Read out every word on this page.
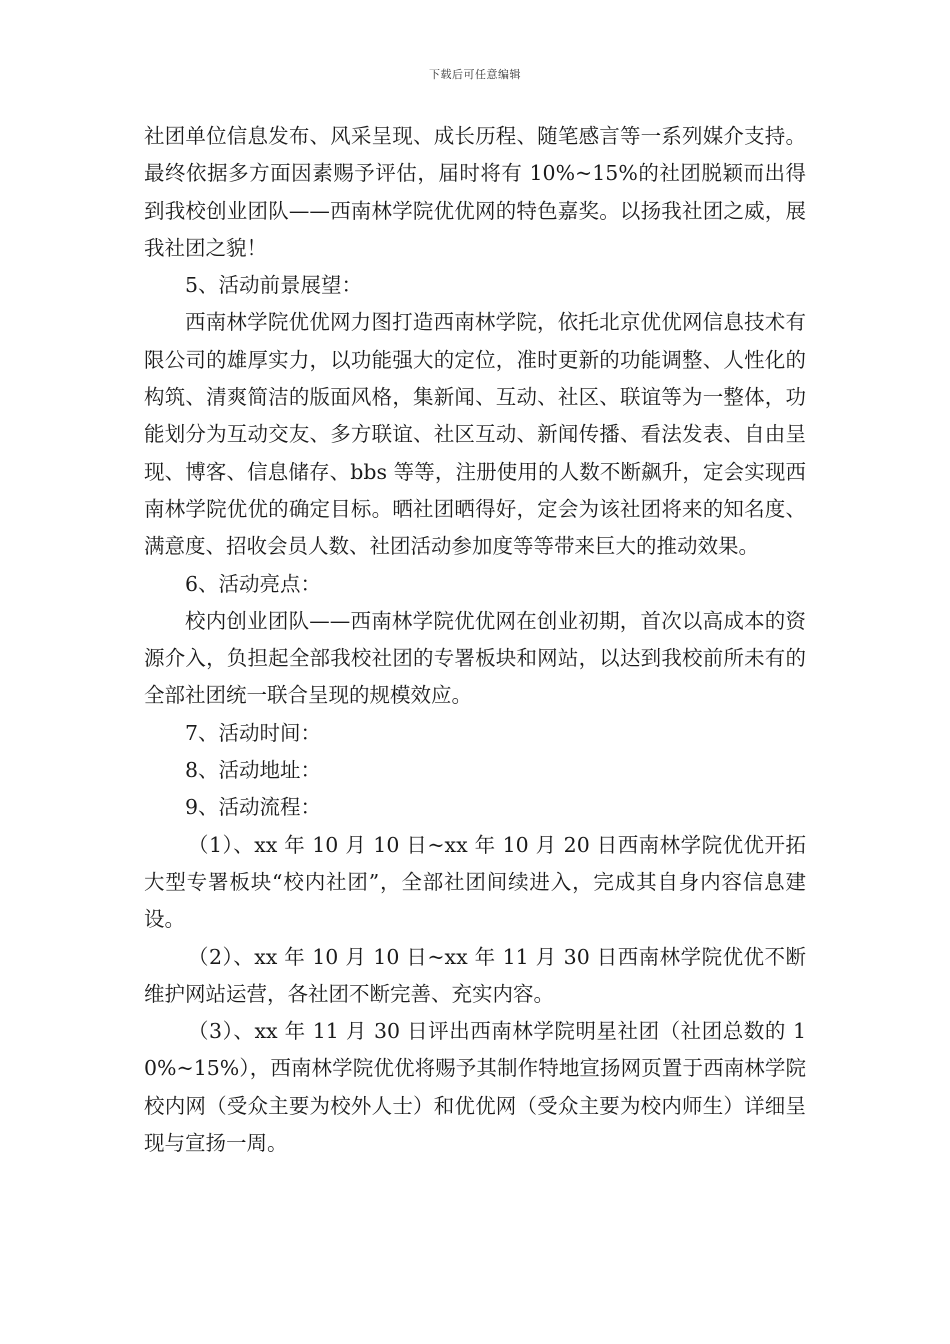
下载后可任意编辑

社团单位信息发布、风采呈现、成长历程、随笔感言等一系列媒介支持。最终依据多方面因素赐予评估，届时将有 10%~15%的社团脱颖而出得到我校创业团队——西南林学院优优网的特色嘉奖。以扬我社团之威，展我社团之貌！

5、活动前景展望：

西南林学院优优网力图打造西南林学院，依托北京优优网信息技术有限公司的雄厚实力，以功能强大的定位，准时更新的功能调整、人性化的构筑、清爽简洁的版面风格，集新闻、互动、社区、联谊等为一整体，功能划分为互动交友、多方联谊、社区互动、新闻传播、看法发表、自由呈现、博客、信息储存、bbs 等等，注册使用的人数不断飙升，定会实现西南林学院优优的确定目标。晒社团晒得好，定会为该社团将来的知名度、满意度、招收会员人数、社团活动参加度等等带来巨大的推动效果。

6、活动亮点：

校内创业团队——西南林学院优优网在创业初期，首次以高成本的资源介入，负担起全部我校社团的专署板块和网站，以达到我校前所未有的全部社团统一联合呈现的规模效应。

7、活动时间：

8、活动地址：

9、活动流程：

（1）、xx 年 10 月 10 日~xx 年 10 月 20 日西南林学院优优开拓大型专署板块“校内社团”，全部社团间续进入，完成其自身内容信息建设。

（2）、xx 年 10 月 10 日~xx 年 11 月 30 日西南林学院优优不断维护网站运营，各社团不断完善、充实内容。

（3）、xx 年 11 月 30 日评出西南林学院明星社团（社团总数的 10%~15%），西南林学院优优将赐予其制作特地宣扬网页置于西南林学院校内网（受众主要为校外人士）和优优网（受众主要为校内师生）详细呈现与宣扬一周。
